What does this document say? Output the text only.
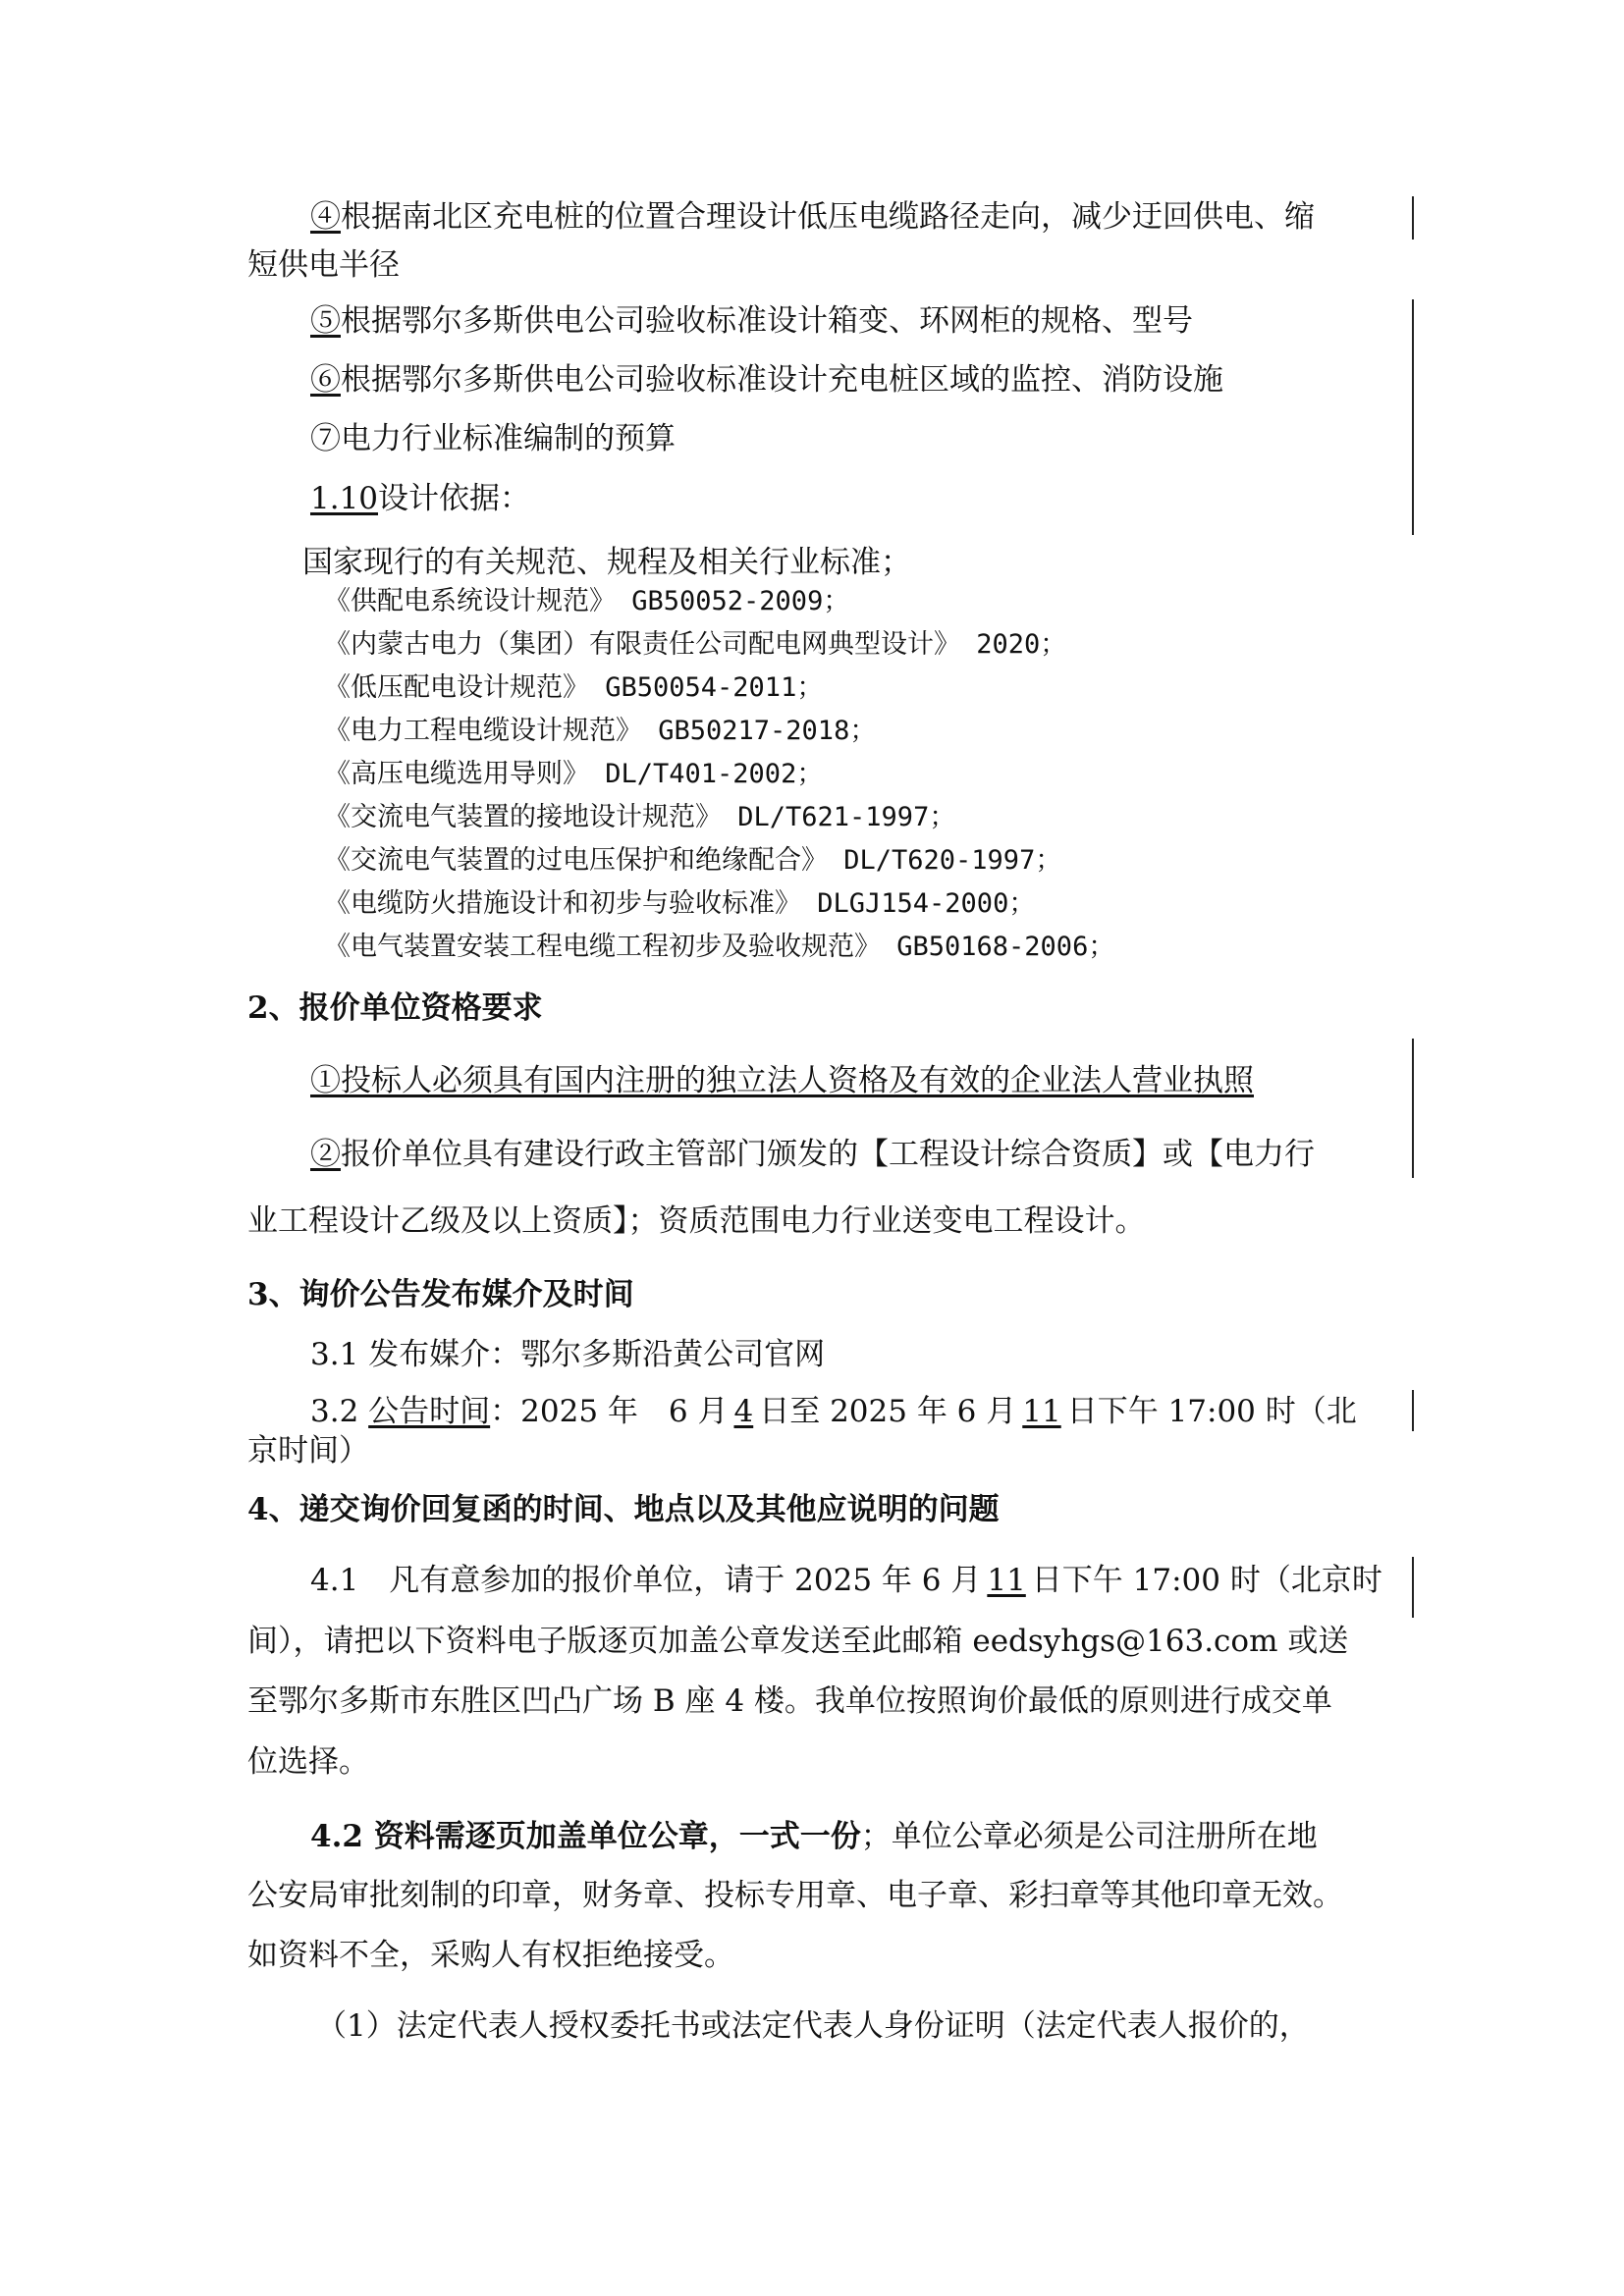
④根据南北区充电桩的位置合理设计低压电缆路径走向，减少迂回供电、缩
短供电半径
⑤根据鄂尔多斯供电公司验收标准设计箱变、环网柜的规格、型号
⑥根据鄂尔多斯供电公司验收标准设计充电桩区域的监控、消防设施
⑦电力行业标准编制的预算
1.10设计依据：
国家现行的有关规范、规程及相关行业标准；
《供配电系统设计规范》 GB50052-2009；
《内蒙古电力（集团）有限责任公司配电网典型设计》 2020；
《低压配电设计规范》 GB50054-2011；
《电力工程电缆设计规范》 GB50217-2018；
《高压电缆选用导则》 DL/T401-2002；
《交流电气装置的接地设计规范》 DL/T621-1997；
《交流电气装置的过电压保护和绝缘配合》 DL/T620-1997；
《电缆防火措施设计和初步与验收标准》 DLGJ154-2000；
《电气装置安装工程电缆工程初步及验收规范》 GB50168-2006；
2、报价单位资格要求
①投标人必须具有国内注册的独立法人资格及有效的企业法人营业执照
②报价单位具有建设行政主管部门颁发的【工程设计综合资质】或【电力行
业工程设计乙级及以上资质】；资质范围电力行业送变电工程设计。
3、询价公告发布媒介及时间
3.1 发布媒介：鄂尔多斯沿黄公司官网
3.2 公告时间：2025 年　6 月 4 日至 2025 年 6 月 11 日下午 17:00 时（北
京时间）
4、递交询价回复函的时间、地点以及其他应说明的问题
4.1　凡有意参加的报价单位，请于 2025 年 6 月 11 日下午 17:00 时（北京时
间），请把以下资料电子版逐页加盖公章发送至此邮箱 eedsyhgs@163.com 或送
至鄂尔多斯市东胜区凹凸广场 B 座 4 楼。我单位按照询价最低的原则进行成交单
位选择。
4.2 资料需逐页加盖单位公章，一式一份；单位公章必须是公司注册所在地
公安局审批刻制的印章，财务章、投标专用章、电子章、彩扫章等其他印章无效。
如资料不全，采购人有权拒绝接受。
（1）法定代表人授权委托书或法定代表人身份证明（法定代表人报价的，
